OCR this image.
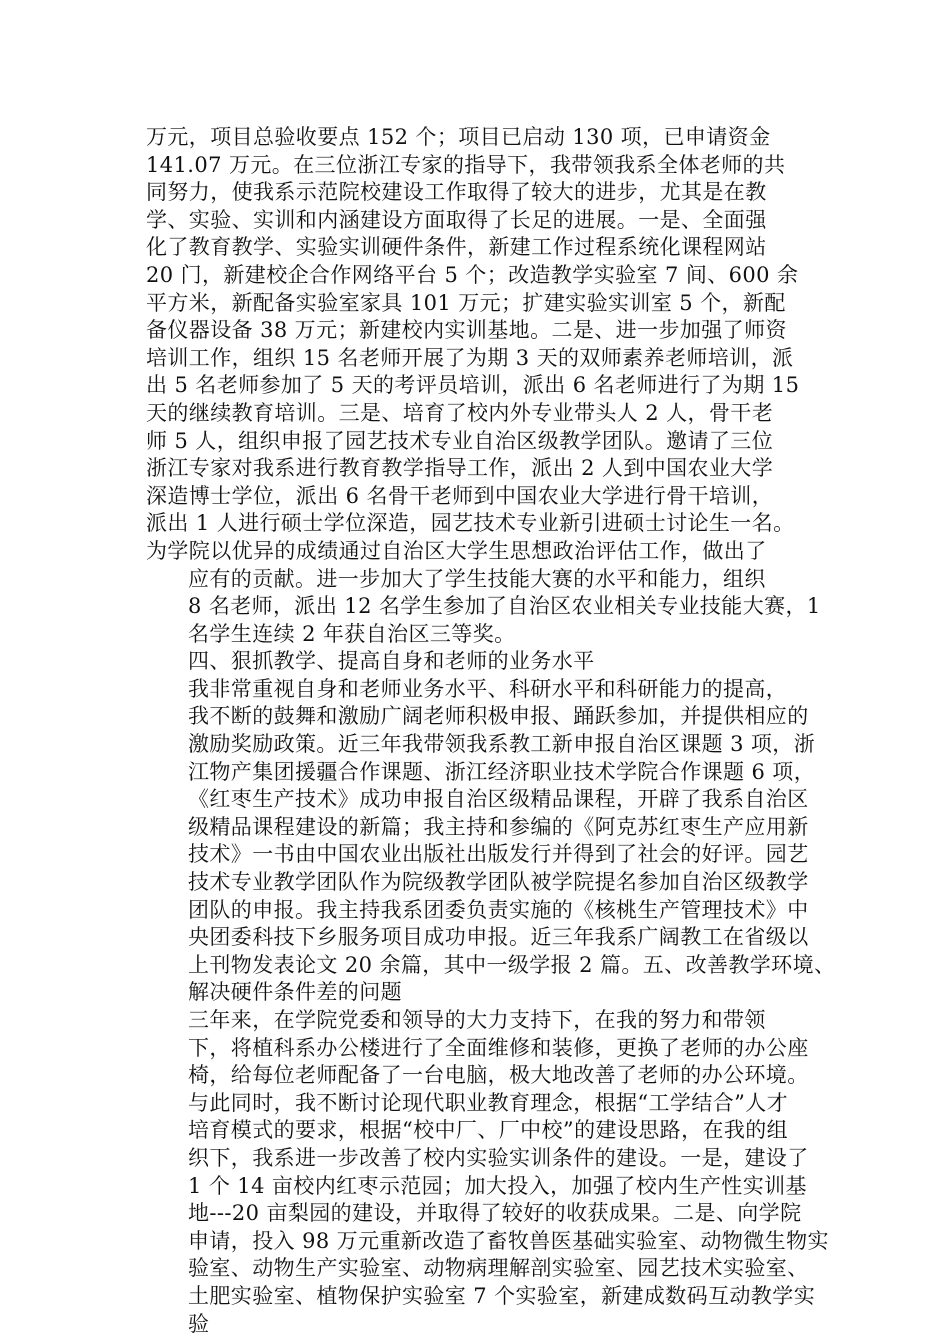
万元，项目总验收要点 152 个；项目已启动 130 项，已申请资金
141.07 万元。在三位浙江专家的指导下，我带领我系全体老师的共
同努力，使我系示范院校建设工作取得了较大的进步，尤其是在教
学、实验、实训和内涵建设方面取得了长足的进展。一是、全面强
化了教育教学、实验实训硬件条件，新建工作过程系统化课程网站
20 门，新建校企合作网络平台 5 个；改造教学实验室 7 间、600 余
平方米，新配备实验室家具 101 万元；扩建实验实训室 5 个，新配
备仪器设备 38 万元；新建校内实训基地。二是、进一步加强了师资
培训工作，组织 15 名老师开展了为期 3 天的双师素养老师培训，派
出 5 名老师参加了 5 天的考评员培训，派出 6 名老师进行了为期 15
天的继续教育培训。三是、培育了校内外专业带头人 2 人，骨干老
师 5 人，组织申报了园艺技术专业自治区级教学团队。邀请了三位
浙江专家对我系进行教育教学指导工作，派出 2 人到中国农业大学
深造博士学位，派出 6 名骨干老师到中国农业大学进行骨干培训，
派出 1 人进行硕士学位深造，园艺技术专业新引进硕士讨论生一名。
为学院以优异的成绩通过自治区大学生思想政治评估工作，做出了
应有的贡献。进一步加大了学生技能大赛的水平和能力，组织
8 名老师，派出 12 名学生参加了自治区农业相关专业技能大赛，1
名学生连续 2 年获自治区三等奖。
四、狠抓教学、提高自身和老师的业务水平
我非常重视自身和老师业务水平、科研水平和科研能力的提高，
我不断的鼓舞和激励广阔老师积极申报、踊跃参加，并提供相应的
激励奖励政策。近三年我带领我系教工新申报自治区课题 3 项，浙
江物产集团援疆合作课题、浙江经济职业技术学院合作课题 6 项，
《红枣生产技术》成功申报自治区级精品课程，开辟了我系自治区
级精品课程建设的新篇；我主持和参编的《阿克苏红枣生产应用新
技术》一书由中国农业出版社出版发行并得到了社会的好评。园艺
技术专业教学团队作为院级教学团队被学院提名参加自治区级教学
团队的申报。我主持我系团委负责实施的《核桃生产管理技术》中
央团委科技下乡服务项目成功申报。近三年我系广阔教工在省级以
上刊物发表论文 20 余篇，其中一级学报 2 篇。五、改善教学环境、
解决硬件条件差的问题
三年来，在学院党委和领导的大力支持下，在我的努力和带领
下，将植科系办公楼进行了全面维修和装修，更换了老师的办公座
椅，给每位老师配备了一台电脑，极大地改善了老师的办公环境。
与此同时，我不断讨论现代职业教育理念，根据“工学结合”人才
培育模式的要求，根据“校中厂、厂中校”的建设思路，在我的组
织下，我系进一步改善了校内实验实训条件的建设。一是，建设了
1 个 14 亩校内红枣示范园；加大投入，加强了校内生产性实训基
地---20 亩梨园的建设，并取得了较好的收获成果。二是、向学院
申请，投入 98 万元重新改造了畜牧兽医基础实验室、动物微生物实
验室、动物生产实验室、动物病理解剖实验室、园艺技术实验室、
土肥实验室、植物保护实验室 7 个实验室，新建成数码互动教学实
验
